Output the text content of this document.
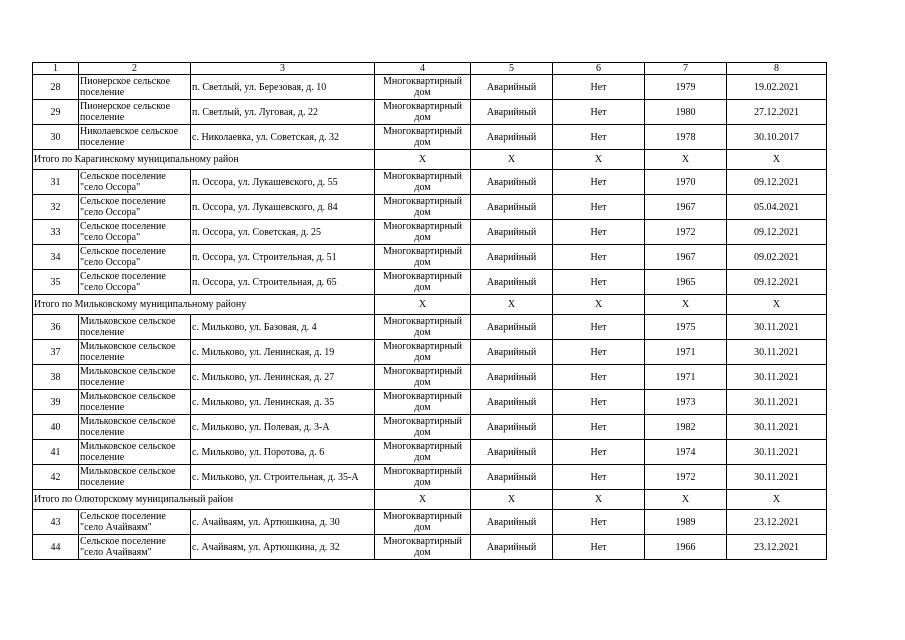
1	2	3	4	5	6	7	8
28	Пионерское сельское поселение	п. Светлый, ул. Березовая, д. 10	Многоквартирный дом	Аварийный	Нет	1979	19.02.2021
29	Пионерское сельское поселение	п. Светлый, ул. Луговая, д. 22	Многоквартирный дом	Аварийный	Нет	1980	27.12.2021
30	Николаевское сельское поселение	с. Николаевка, ул. Советская, д. 32	Многоквартирный дом	Аварийный	Нет	1978	30.10.2017
Итого по Карагинскому муниципальному район			X	X	X	X	X
31	Сельское поселение "село Оссора"	п. Оссора, ул. Лукашевского, д. 55	Многоквартирный дом	Аварийный	Нет	1970	09.12.2021
32	Сельское поселение "село Оссора"	п. Оссора, ул. Лукашевского, д. 84	Многоквартирный дом	Аварийный	Нет	1967	05.04.2021
33	Сельское поселение "село Оссора"	п. Оссора, ул. Советская, д. 25	Многоквартирный дом	Аварийный	Нет	1972	09.12.2021
34	Сельское поселение "село Оссора"	п. Оссора, ул. Строительная, д. 51	Многоквартирный дом	Аварийный	Нет	1967	09.02.2021
35	Сельское поселение "село Оссора"	п. Оссора, ул. Строительная, д. 65	Многоквартирный дом	Аварийный	Нет	1965	09.12.2021
Итого по Мильковскому муниципальному району			X	X	X	X	X
36	Мильковское сельское поселение	с. Мильково, ул. Базовая, д. 4	Многоквартирный дом	Аварийный	Нет	1975	30.11.2021
37	Мильковское сельское поселение	с. Мильково, ул. Ленинская, д. 19	Многоквартирный дом	Аварийный	Нет	1971	30.11.2021
38	Мильковское сельское поселение	с. Мильково, ул. Ленинская, д. 27	Многоквартирный дом	Аварийный	Нет	1971	30.11.2021
39	Мильковское сельское поселение	с. Мильково, ул. Ленинская, д. 35	Многоквартирный дом	Аварийный	Нет	1973	30.11.2021
40	Мильковское сельское поселение	с. Мильково, ул. Полевая, д. 3-А	Многоквартирный дом	Аварийный	Нет	1982	30.11.2021
41	Мильковское сельское поселение	с. Мильково, ул. Поротова, д. 6	Многоквартирный дом	Аварийный	Нет	1974	30.11.2021
42	Мильковское сельское поселение	с. Мильково, ул. Строительная, д. 35-А	Многоквартирный дом	Аварийный	Нет	1972	30.11.2021
Итого по Олюторскому муниципальный район			X	X	X	X	X
43	Сельское поселение "село Ачайваям"	с. Ачайваям, ул. Артюшкина, д. 30	Многоквартирный дом	Аварийный	Нет	1989	23.12.2021
44	Сельское поселение "село Ачайваям"	с. Ачайваям, ул. Артюшкина, д. 32	Многоквартирный дом	Аварийный	Нет	1966	23.12.2021
